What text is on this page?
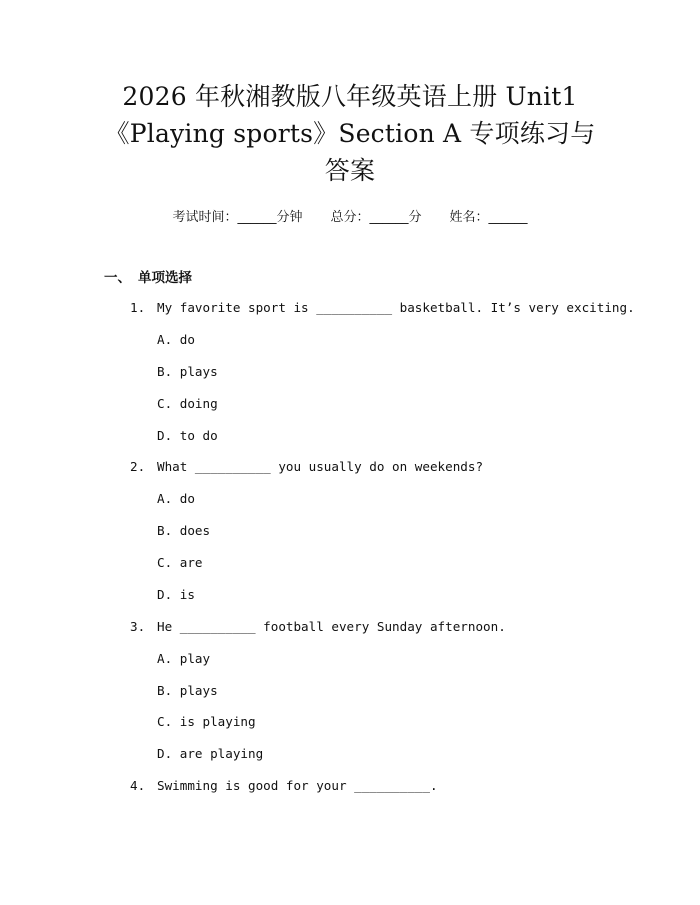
2026 年秋湘教版八年级英语上册 Unit1
《Playing sports》Section A 专项练习与
答案
考试时间：______分钟 总分：______分 姓名：______
一、 单项选择
1. My favorite sport is __________ basketball. It’s very exciting.
A. do
B. plays
C. doing
D. to do
2. What __________ you usually do on weekends?
A. do
B. does
C. are
D. is
3. He __________ football every Sunday afternoon.
A. play
B. plays
C. is playing
D. are playing
4. Swimming is good for your __________.
